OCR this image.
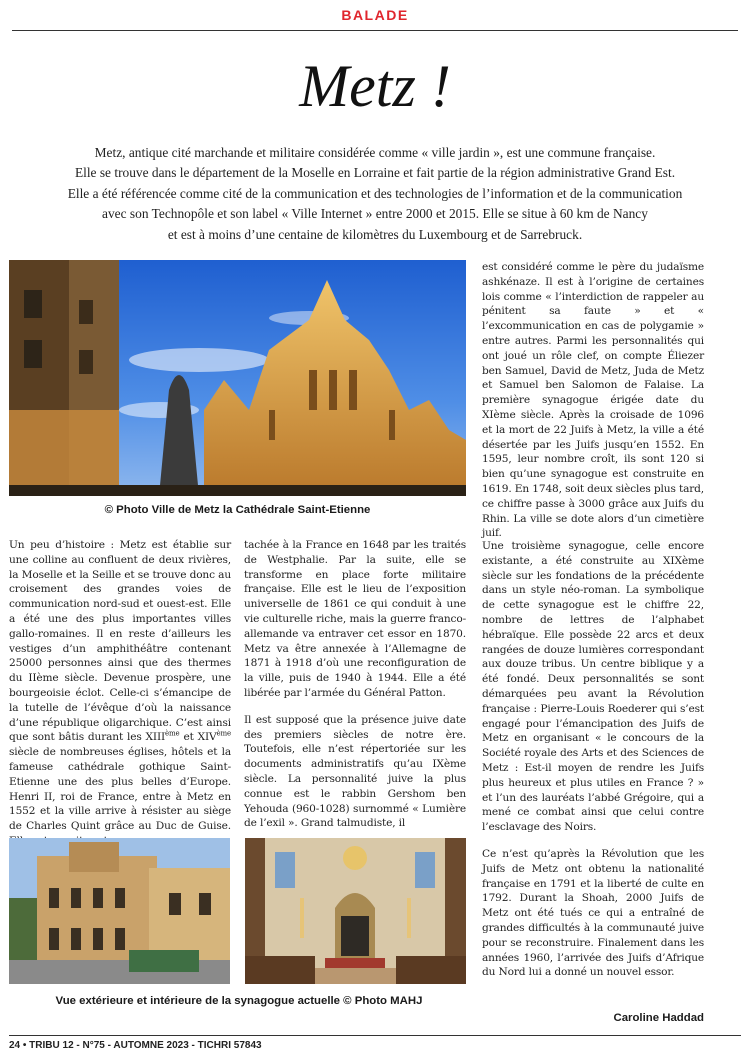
BALADE
Metz !
Metz, antique cité marchande et militaire considérée comme « ville jardin », est une commune française.
Elle se trouve dans le département de la Moselle en Lorraine et fait partie de la région administrative Grand Est.
Elle a été référencée comme cité de la communication et des technologies de l’information et de la communication
avec son Technopôle et son label « Ville Internet » entre 2000 et 2015. Elle se situe à 60 km de Nancy
et est à moins d’une centaine de kilomètres du Luxembourg et de Sarrebruck.
© Photo Ville de Metz la Cathédrale Saint-Etienne

Un peu d’histoire : Metz est établie sur une colline au confluent de deux rivières, la Moselle et la Seille et se trouve donc au croisement des grandes voies de communication nord-sud et ouest-est. Elle a été une des plus importantes villes gallo-romaines. Il en reste d’ailleurs les vestiges d’un amphithéâtre contenant 25000 personnes ainsi que des thermes du IIème siècle. Devenue prospère, une bourgeoisie éclot. Celle-ci s’émancipe de la tutelle de l’évêque d’où la naissance d’une république oligarchique. C’est ainsi que sont bâtis durant les XIIIème et XIVème siècle de nombreuses églises, hôtels et la fameuse cathédrale gothique Saint-Etienne une des plus belles d’Europe. Henri II, roi de France, entre à Metz en 1552 et la ville arrive à résister au siège de Charles Quint grâce au Duc de Guise.

tachée à la France en 1648 par les traités de Westphalie. Par la suite, elle se transforme en place forte militaire française. Elle est le lieu de l’exposition universelle de 1861 ce qui conduit à une vie culturelle riche, mais la guerre franco-allemande va entraver cet essor en 1870. Metz va être annexée à l’Allemagne de 1871 à 1918 d’où une reconfiguration de la ville, puis de 1940 à 1944. Elle a été libérée par l’armée du Général Patton.

Il est supposé que la présence juive date des premiers siècles de notre ère. Toutefois, elle n’est répertoriée sur les documents administratifs qu’au IXème siècle. La personnalité juive la plus connue est le rabbin Gershom ben Yehouda (960-1028) surnommé « Lumière de l’exil ». Grand talmudiste, il

est considéré comme le père du judaïsme ashkénaze. Il est à l’origine de certaines lois comme « l’interdiction de rappeler au pénitent sa faute » et « l’excommunication en cas de polygamie » entre autres. Parmi les personnalités qui ont joué un rôle clef, on compte Éliezer ben Samuel, David de Metz, Juda de Metz et Samuel ben Salomon de Falaise. La première synagogue érigée date du XIème siècle. Après la croisade de 1096 et la mort de 22 Juifs à Metz, la ville a été désertée par les Juifs jusqu’en 1552. En 1595, leur nombre croît, ils sont 120 si bien qu’une synagogue est construite en 1619. En 1748, soit deux siècles plus tard, ce chiffre passe à 3000 grâce aux Juifs du Rhin. La ville se dote alors d’un cimetière juif.

Une troisième synagogue, celle encore existante, a été construite au XIXème siècle sur les fondations de la précédente dans un style néo-roman. La symbolique de cette synagogue est le chiffre 22, nombre de lettres de l’alphabet hébraïque. Elle possède 22 arcs et deux rangées de douze lumières correspondant aux douze tribus. Un centre biblique y a été fondé. Deux personnalités se sont démarquées peu avant la Révolution française : Pierre-Louis Roederer qui s’est engagé pour l’émancipation des Juifs de Metz en organisant « le concours de la Société royale des Arts et des Sciences de Metz : Est-il moyen de rendre les Juifs plus heureux et plus utiles en France ? » et l’un des lauréats l’abbé Grégoire, qui a mené ce combat ainsi que celui contre l’esclavage des Noirs.

Ce n’est qu’après la Révolution que les Juifs de Metz ont obtenu la nationalité française en 1791 et la liberté de culte en 1792. Durant la Shoah, 2000 Juifs de Metz ont été tués ce qui a entraîné de grandes difficultés à la communauté juive pour se reconstruire. Finalement dans les années 1960, l’arrivée des Juifs d’Afrique du Nord lui a donné un nouvel essor.

Vue extérieure et intérieure de la synagogue actuelle © Photo MAHJ
Caroline Haddad
24 • TRIBU 12 - N°75 - AUTOMNE 2023 - TICHRI 57843
